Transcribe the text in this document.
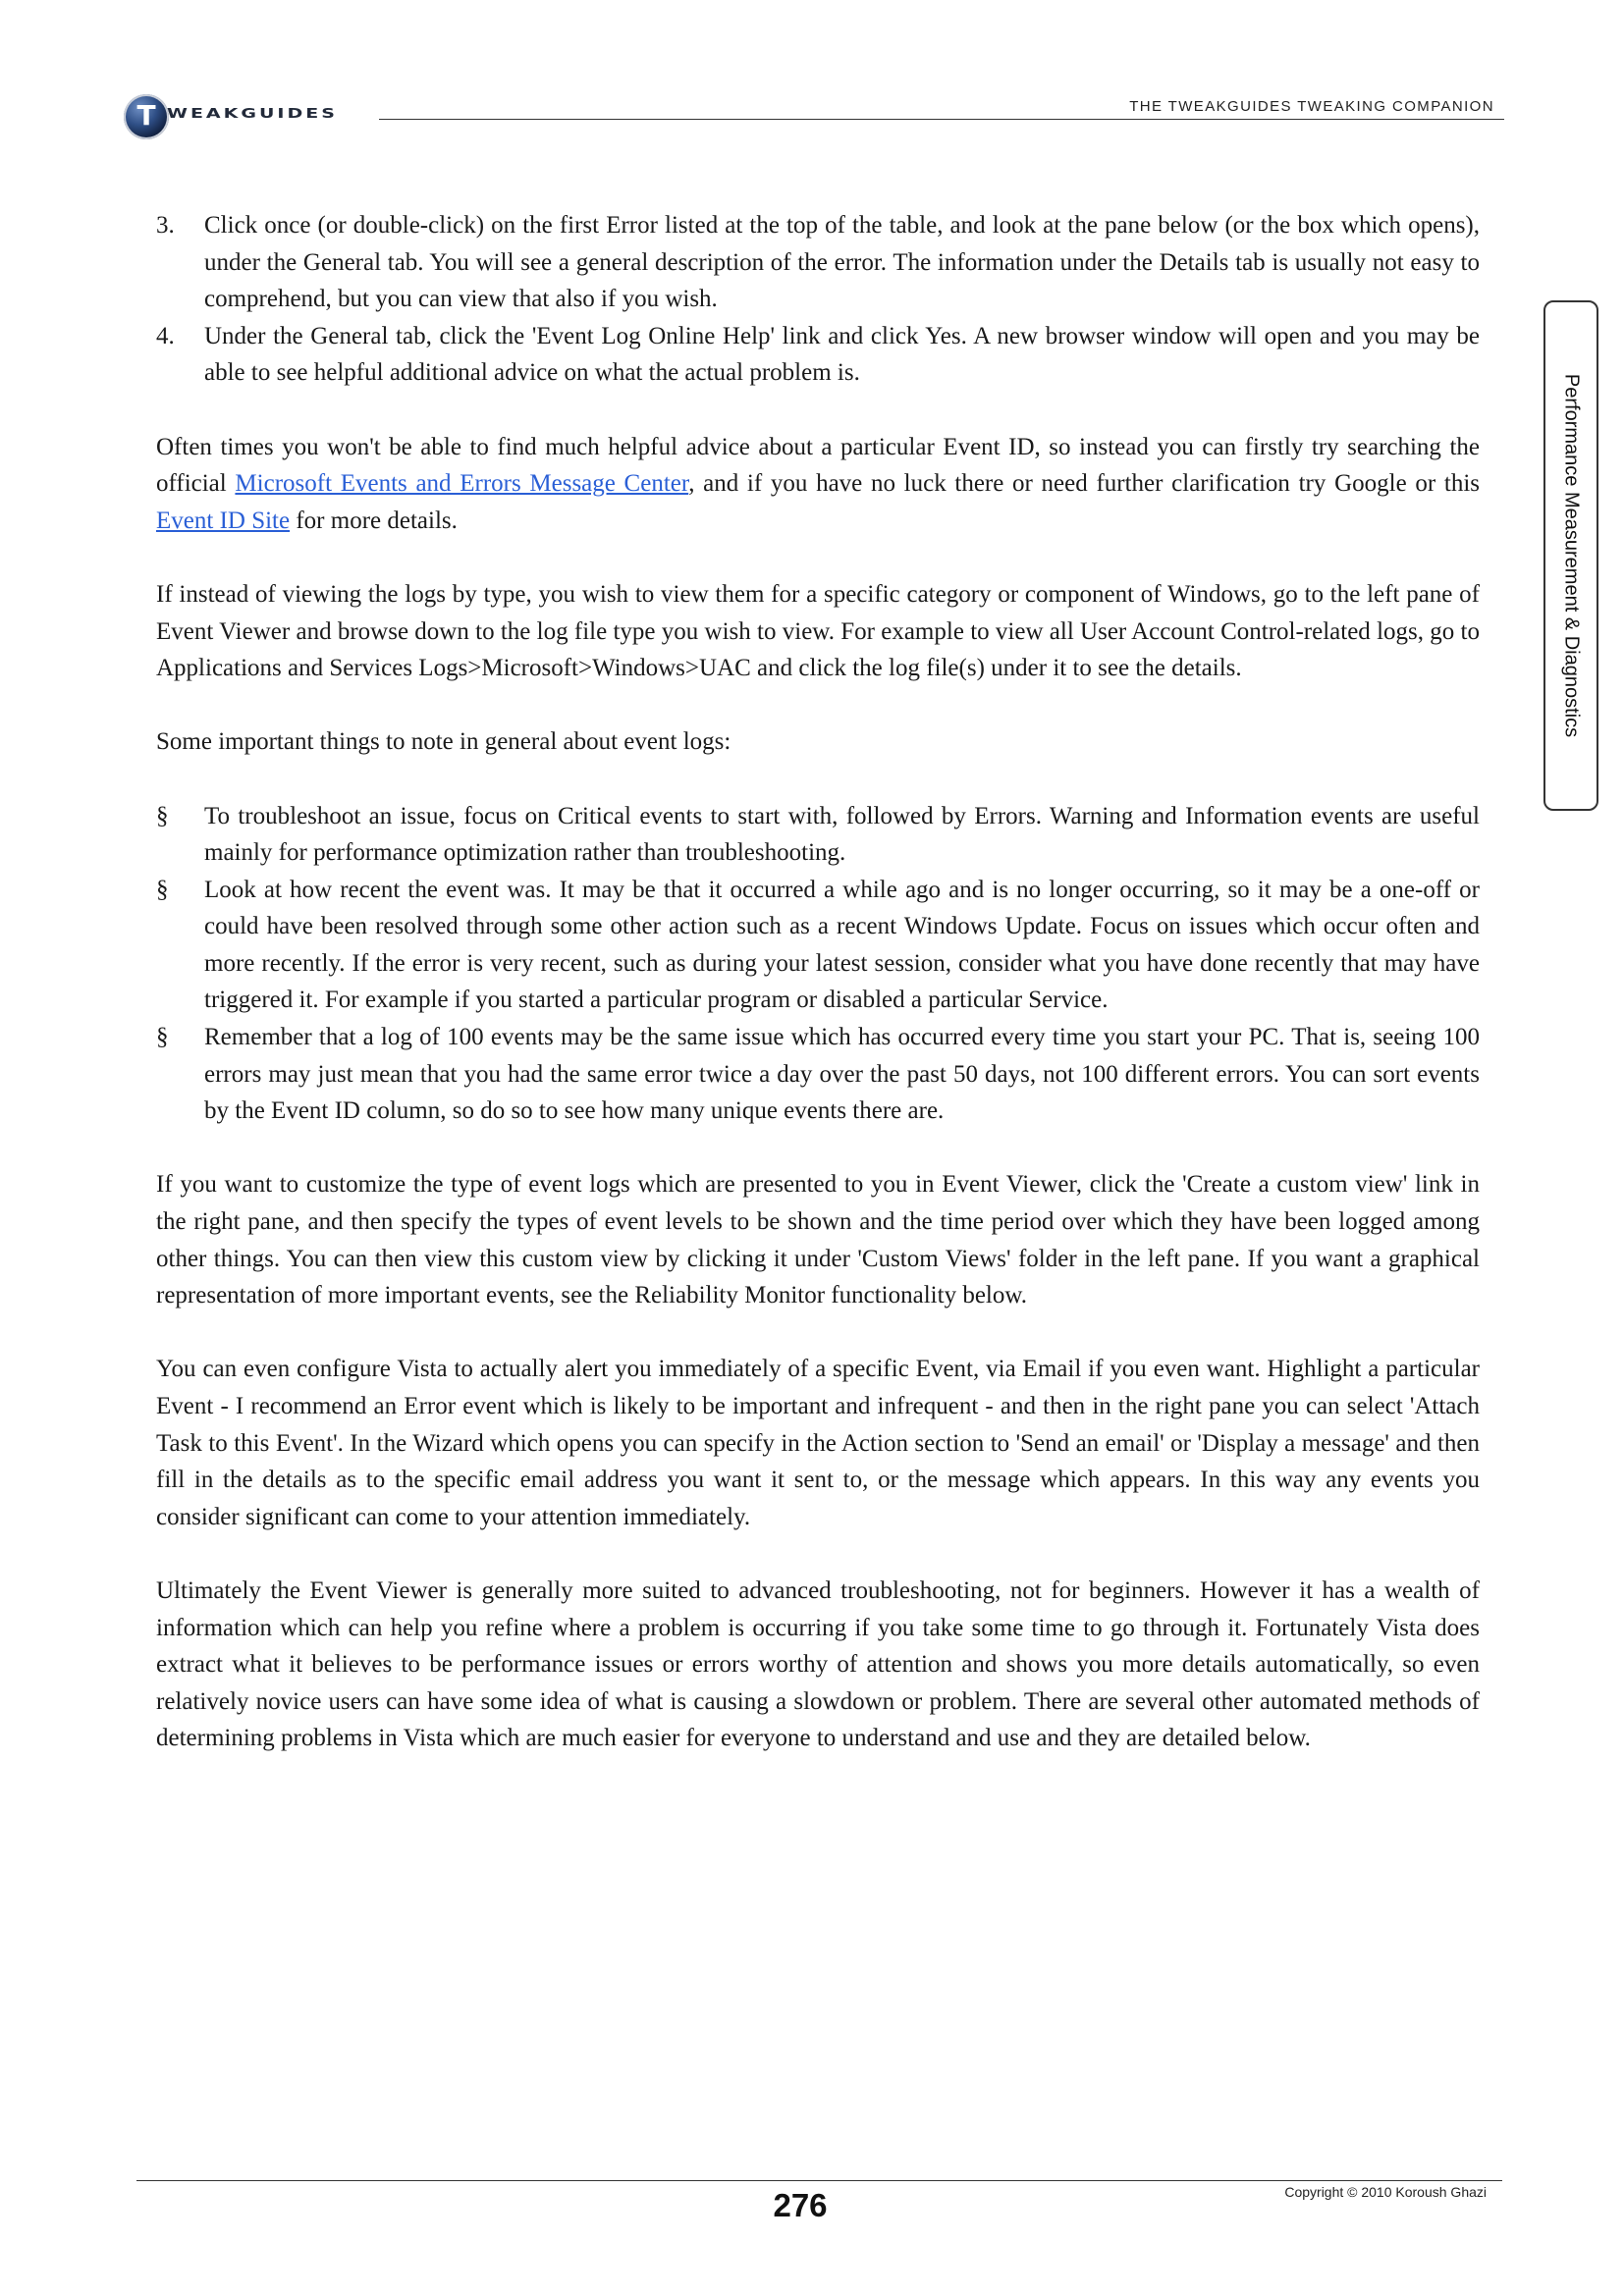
T WEAKGUIDES	THE TWEAKGUIDES TWEAKING COMPANION
Performance Measurement & Diagnostics
3. Click once (or double-click) on the first Error listed at the top of the table, and look at the pane below (or the box which opens), under the General tab. You will see a general description of the error. The information under the Details tab is usually not easy to comprehend, but you can view that also if you wish.
4. Under the General tab, click the 'Event Log Online Help' link and click Yes. A new browser window will open and you may be able to see helpful additional advice on what the actual problem is.

Often times you won't be able to find much helpful advice about a particular Event ID, so instead you can firstly try searching the official Microsoft Events and Errors Message Center, and if you have no luck there or need further clarification try Google or this Event ID Site for more details.

If instead of viewing the logs by type, you wish to view them for a specific category or component of Windows, go to the left pane of Event Viewer and browse down to the log file type you wish to view. For example to view all User Account Control-related logs, go to Applications and Services Logs>Microsoft>Windows>UAC and click the log file(s) under it to see the details.

Some important things to note in general about event logs:

§ To troubleshoot an issue, focus on Critical events to start with, followed by Errors. Warning and Information events are useful mainly for performance optimization rather than troubleshooting.
§ Look at how recent the event was. It may be that it occurred a while ago and is no longer occurring, so it may be a one-off or could have been resolved through some other action such as a recent Windows Update. Focus on issues which occur often and more recently. If the error is very recent, such as during your latest session, consider what you have done recently that may have triggered it. For example if you started a particular program or disabled a particular Service.
§ Remember that a log of 100 events may be the same issue which has occurred every time you start your PC. That is, seeing 100 errors may just mean that you had the same error twice a day over the past 50 days, not 100 different errors. You can sort events by the Event ID column, so do so to see how many unique events there are.

If you want to customize the type of event logs which are presented to you in Event Viewer, click the 'Create a custom view' link in the right pane, and then specify the types of event levels to be shown and the time period over which they have been logged among other things. You can then view this custom view by clicking it under 'Custom Views' folder in the left pane. If you want a graphical representation of more important events, see the Reliability Monitor functionality below.

You can even configure Vista to actually alert you immediately of a specific Event, via Email if you even want. Highlight a particular Event - I recommend an Error event which is likely to be important and infrequent - and then in the right pane you can select 'Attach Task to this Event'. In the Wizard which opens you can specify in the Action section to 'Send an email' or 'Display a message' and then fill in the details as to the specific email address you want it sent to, or the message which appears. In this way any events you consider significant can come to your attention immediately.

Ultimately the Event Viewer is generally more suited to advanced troubleshooting, not for beginners. However it has a wealth of information which can help you refine where a problem is occurring if you take some time to go through it. Fortunately Vista does extract what it believes to be performance issues or errors worthy of attention and shows you more details automatically, so even relatively novice users can have some idea of what is causing a slowdown or problem. There are several other automated methods of determining problems in Vista which are much easier for everyone to understand and use and they are detailed below.

276	Copyright © 2010 Koroush Ghazi
